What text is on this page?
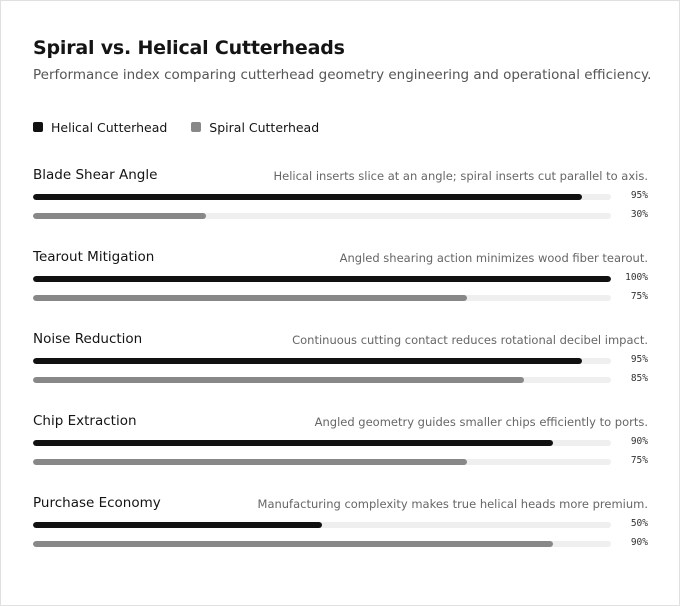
Spiral vs. Helical Cutterheads
Performance index comparing cutterhead geometry engineering and operational efficiency.
Helical Cutterhead	Spiral Cutterhead
Blade Shear Angle	Helical inserts slice at an angle; spiral inserts cut parallel to axis.
95%
30%
Tearout Mitigation	Angled shearing action minimizes wood fiber tearout.
100%
75%
Noise Reduction	Continuous cutting contact reduces rotational decibel impact.
95%
85%
Chip Extraction	Angled geometry guides smaller chips efficiently to ports.
90%
75%
Purchase Economy	Manufacturing complexity makes true helical heads more premium.
50%
90%
